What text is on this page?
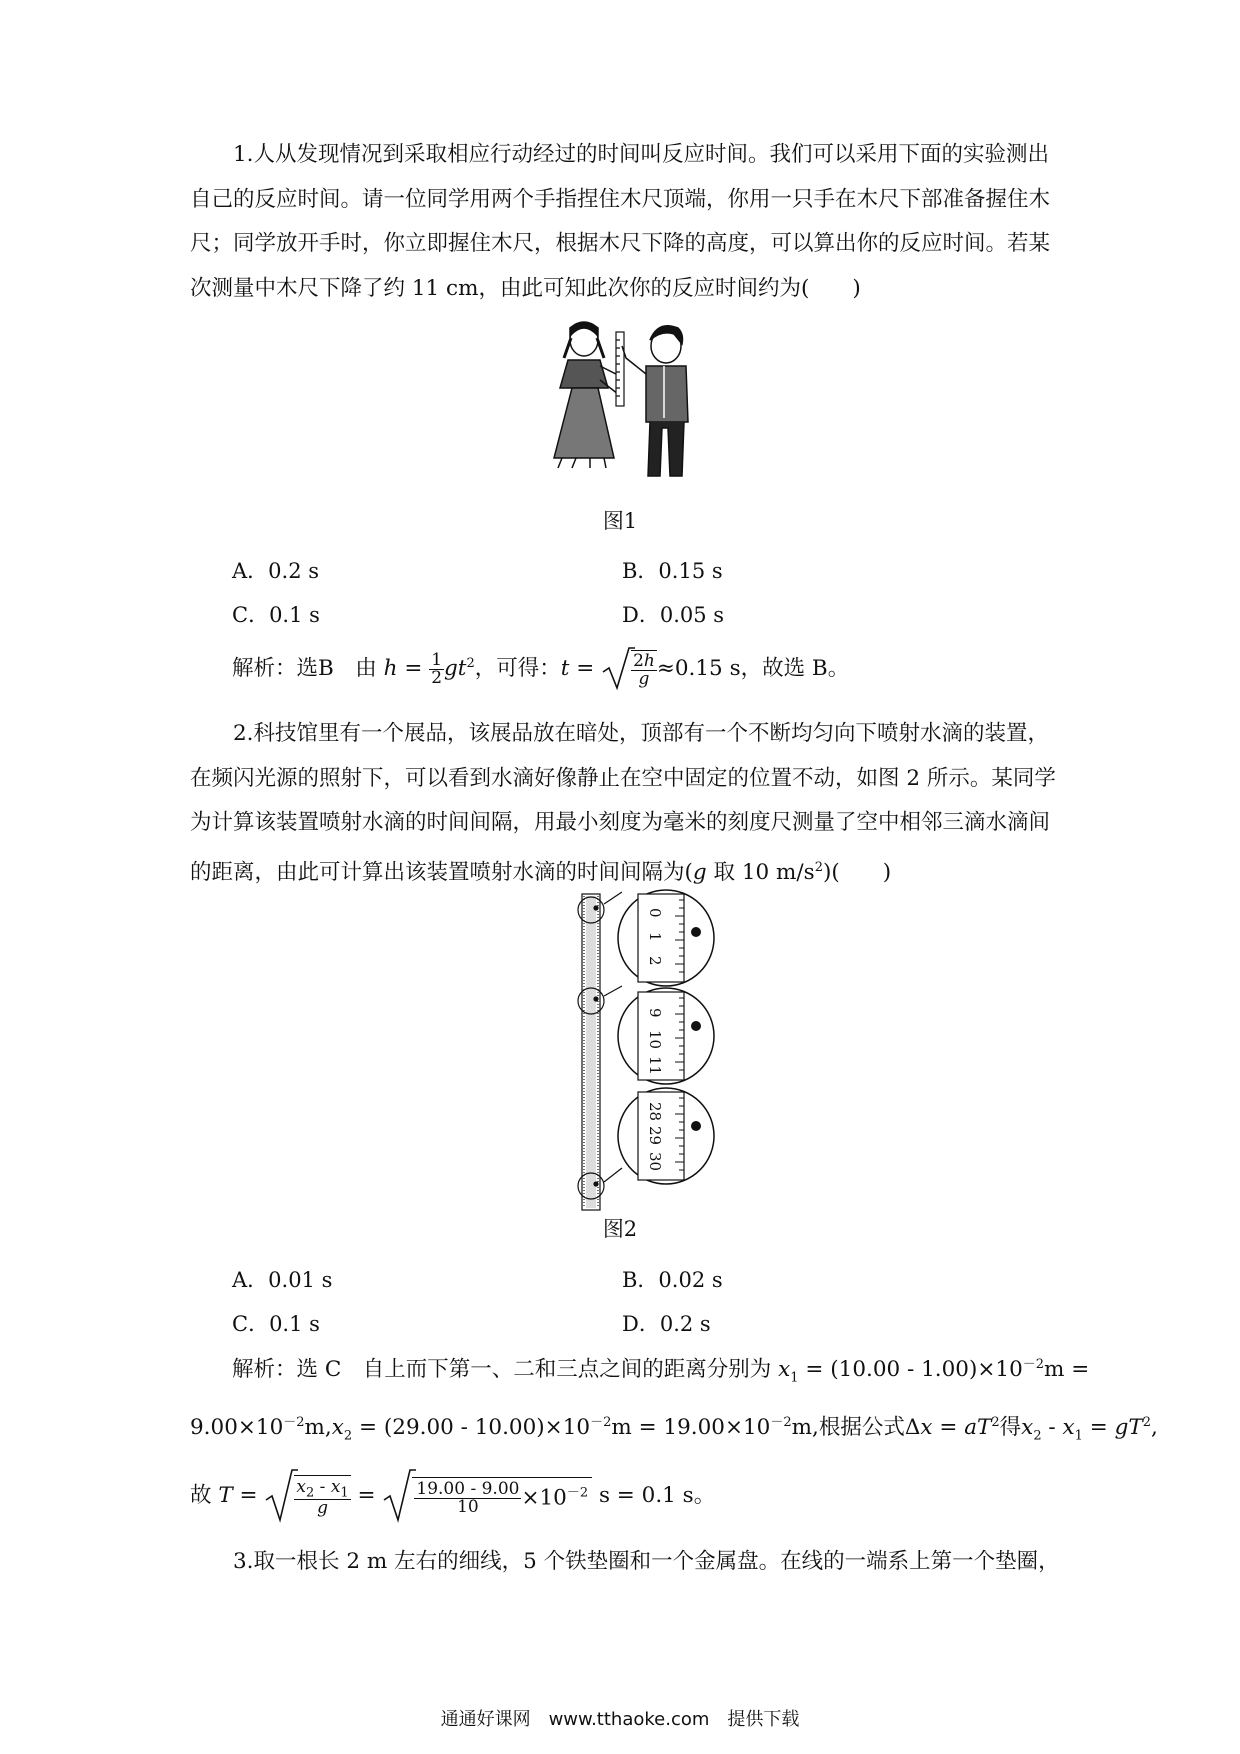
1.人从发现情况到采取相应行动经过的时间叫反应时间。我们可以采用下面的实验测出自己的反应时间。请一位同学用两个手指捏住木尺顶端，你用一只手在木尺下部准备握住木尺；同学放开手时，你立即握住木尺，根据木尺下降的高度，可以算出你的反应时间。若某次测量中木尺下降了约 11 cm，由此可知此次你的反应时间约为(　　)

图1
A．0.2 s	B．0.15 s
C．0.1 s	D．0.05 s
解析：选B　由 $h = \frac{1}{2} gt^2$，可得：$t = \frac{2h}{g} \approx 0.15$ s，故选 B。

2.科技馆里有一个展品，该展品放在暗处，顶部有一个不断均匀向下喷射水滴的装置，在频闪光源的照射下，可以看到水滴好像静止在空中固定的位置不动，如图 2 所示。某同学为计算该装置喷射水滴的时间间隔，用最小刻度为毫米的刻度尺测量了空中相邻三滴水滴间的距离，由此可计算出该装置喷射水滴的时间间隔为(g 取 10 $m/s^2$)(　　)

0
1
2
9
10
11
28
29
30
图2
A．0.01 s	B．0.02 s
C．0.1 s	D．0.2 s
解析：选 C　自上而下第一、二和三点之间的距离分别为 $x_1 = (10.00 - 1.00)\times 10^{-2}m$ =
$9.00\times 10^{-2}m,x_2 = (29.00 - 10.00)\times 10^{-2}m = 19.00\times 10^{-2}m$,根据公式$\Delta x = aT^2$得$x_2 - x_1 = gT^2$,
故 $T = \frac{x_2 - x_1}{g} = \frac{19.00 - 9.00}{10} \times 10^{-2}$ s = 0.1 s。

3.取一根长 2 m 左右的细线，5 个铁垫圈和一个金属盘。在线的一端系上第一个垫圈，

通通好课网　www.tthaoke.com　提供下载
